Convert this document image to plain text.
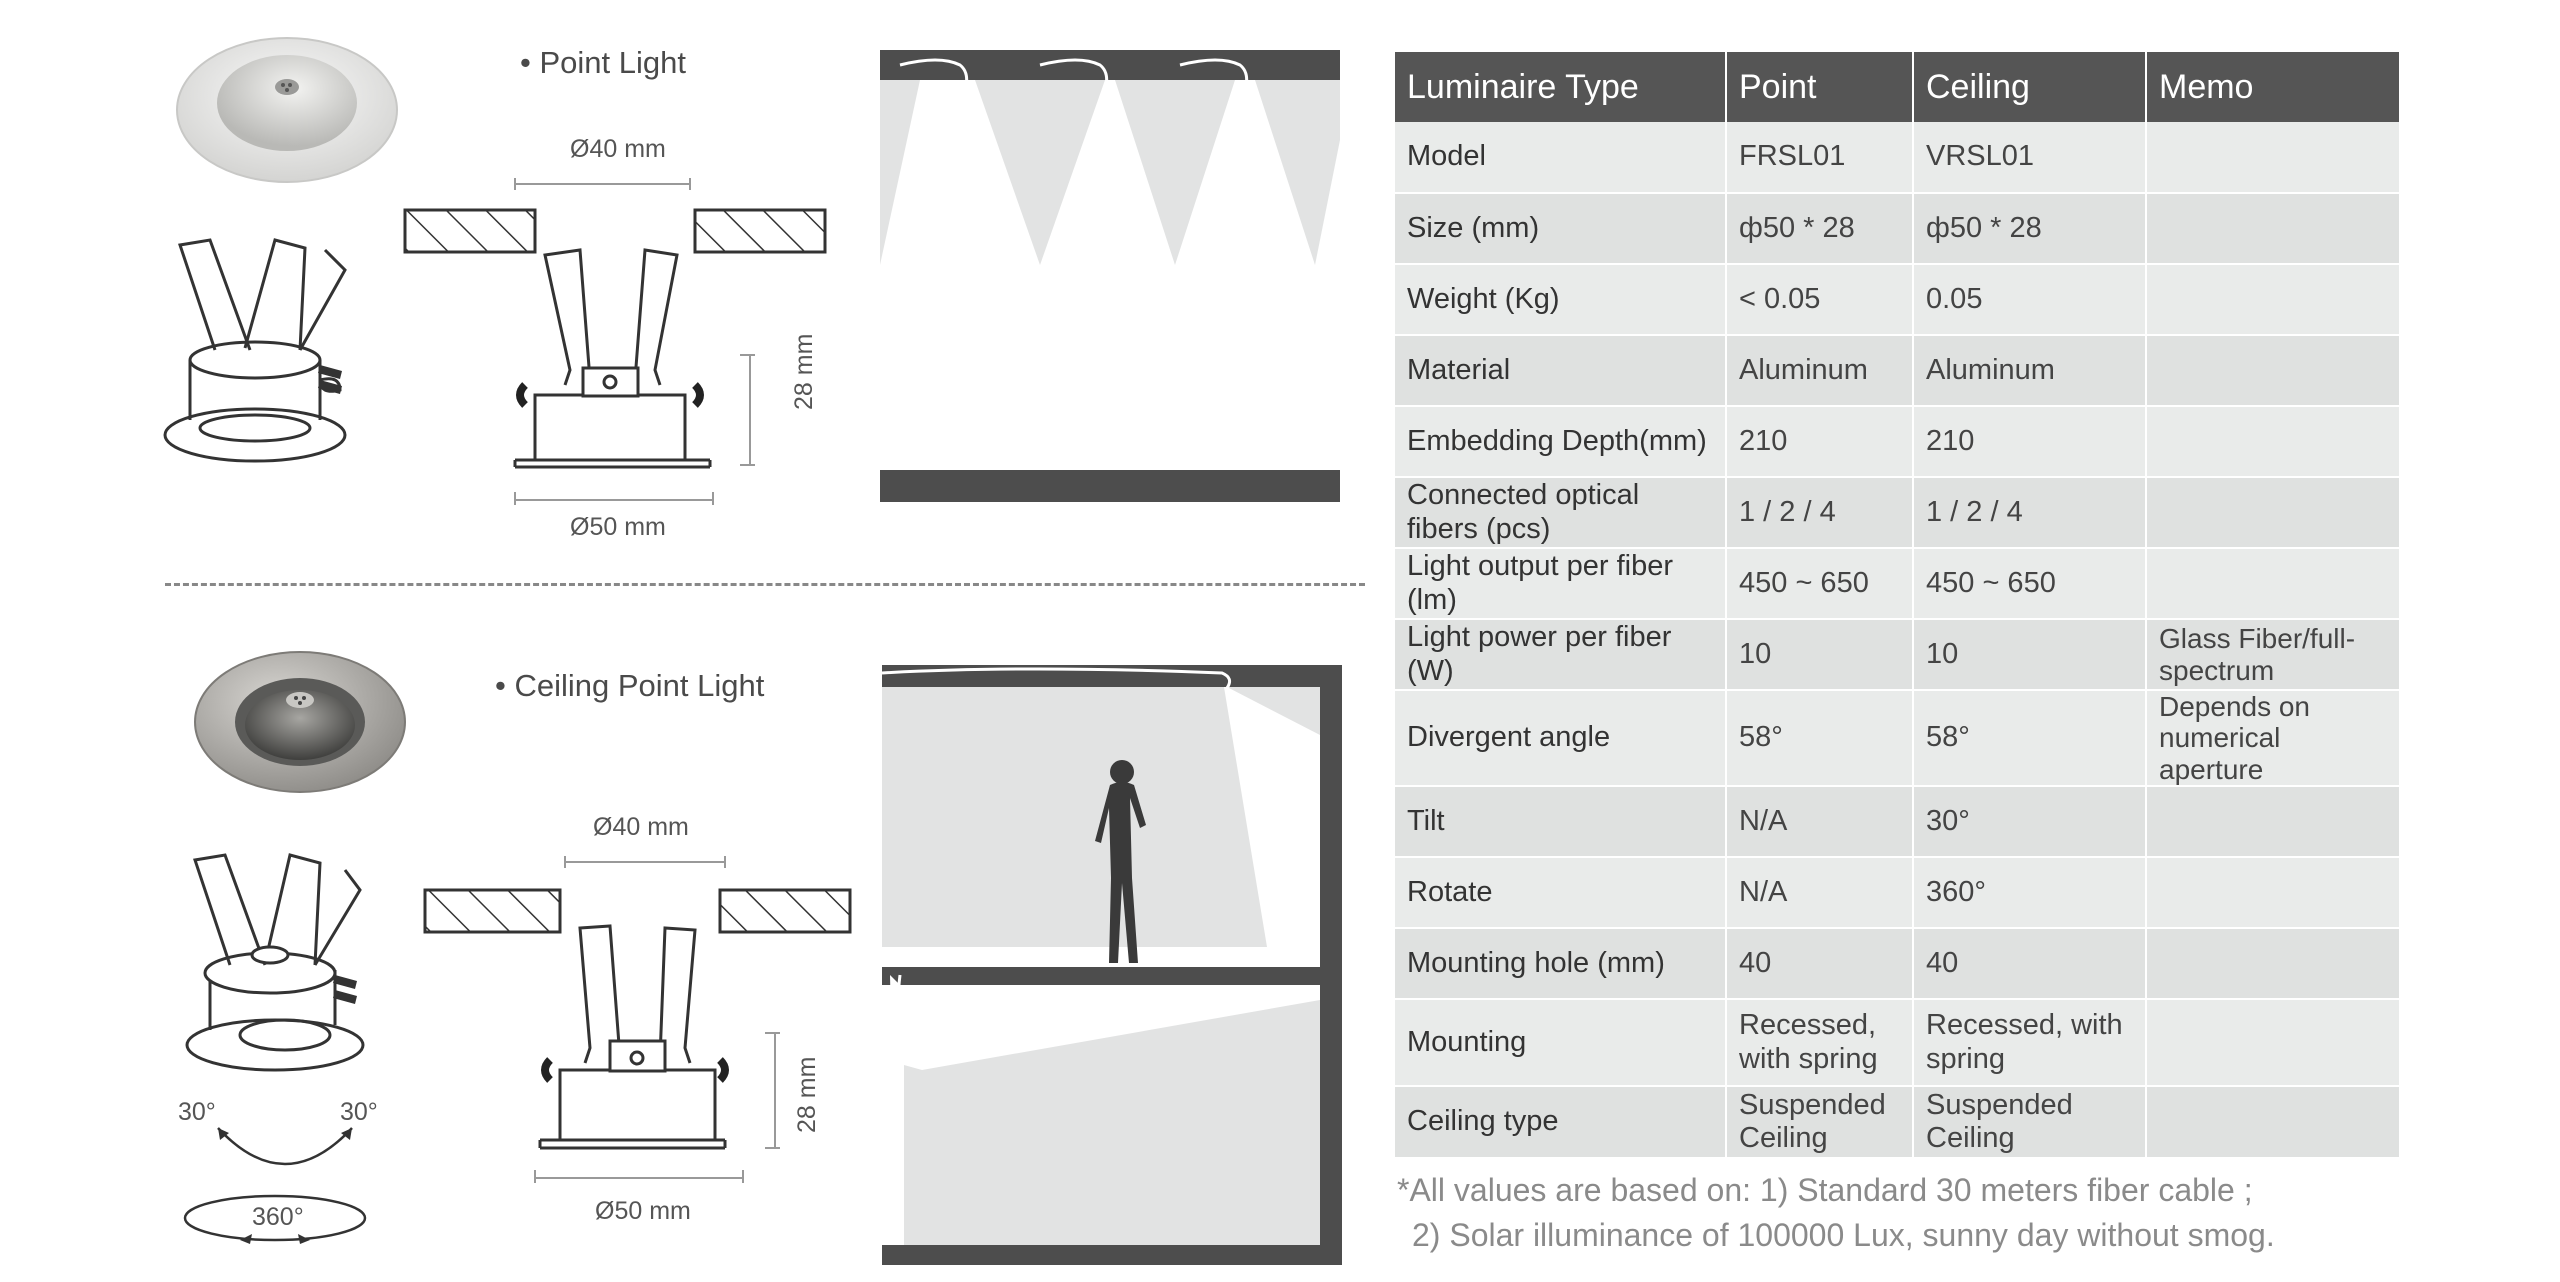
• Point Light
Ø40 mm
Ø50 mm
28 mm
30°	30°
360°
• Ceiling Point Light
Ø40 mm
Ø50 mm
28 mm
Luminaire Type	Point	Ceiling	Memo
Model	FRSL01	VRSL01	
Size (mm)	ф50 * 28	ф50 * 28	
Weight (Kg)	< 0.05	0.05	
Material	Aluminum	Aluminum	
Embedding Depth(mm)	210	210	
Connected optical fibers (pcs)	1 / 2 / 4	1 / 2 / 4	
Light output per fiber (lm)	450 ~ 650	450 ~ 650	
Light power per fiber (W)	10	10	Glass Fiber/full-spectrum
Divergent angle	58°	58°	Depends on numerical aperture
Tilt	N/A	30°	
Rotate	N/A	360°	
Mounting hole (mm)	40	40	
Mounting	Recessed, with spring	Recessed, with spring	
Ceiling type	Suspended Ceiling	Suspended Ceiling	
*All values are based on: 1) Standard 30 meters fiber cable ;
2) Solar illuminance of 100000 Lux, sunny day without smog.
